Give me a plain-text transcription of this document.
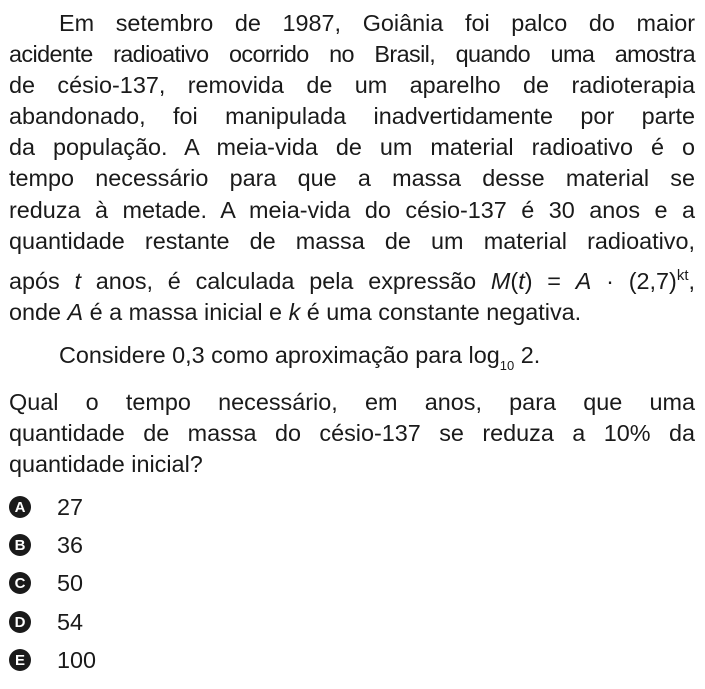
Em setembro de 1987, Goiânia foi palco do maior
acidente radioativo ocorrido no Brasil, quando uma amostra
de césio-137, removida de um aparelho de radioterapia
abandonado, foi manipulada inadvertidamente por parte
da população. A meia-vida de um material radioativo é o
tempo necessário para que a massa desse material se
reduza à metade. A meia-vida do césio-137 é 30 anos e a
quantidade restante de massa de um material radioativo,
após t anos, é calculada pela expressão $M(t) = A \cdot (2,7)^{kt}$,
onde A é a massa inicial e k é uma constante negativa.

Considere 0,3 como aproximação para $\log_{10} 2$.

Qual o tempo necessário, em anos, para que uma
quantidade de massa do césio-137 se reduza a 10% da
quantidade inicial?

A 27
B 36
C 50
D 54
E 100
